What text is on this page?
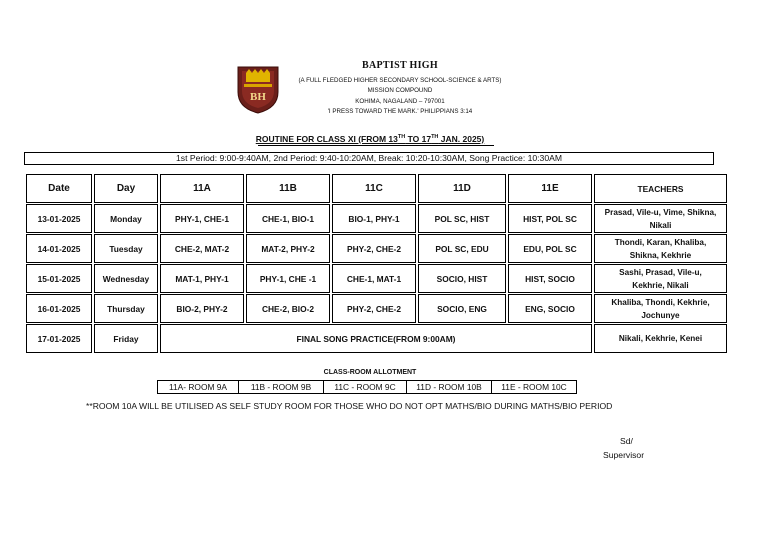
BH
BAPTIST HIGH
(A FULL FLEDGED HIGHER SECONDARY SCHOOL-SCIENCE & ARTS)
MISSION COMPOUND
KOHIMA, NAGALAND – 797001
'I PRESS TOWARD THE MARK.' PHILIPPIANS 3:14
ROUTINE FOR CLASS XI (FROM 13TH TO 17TH JAN. 2025)
1st Period: 9:00-9:40AM, 2nd Period: 9:40-10:20AM, Break: 10:20-10:30AM, Song Practice: 10:30AM
Date	Day	11A	11B	11C	11D	11E	TEACHERS
13-01-2025	Monday	PHY-1, CHE-1	CHE-1, BIO-1	BIO-1, PHY-1	POL SC, HIST	HIST, POL SC	Prasad, Vile-u, Vime, Shikna,
Nikali
14-01-2025	Tuesday	CHE-2, MAT-2	MAT-2, PHY-2	PHY-2, CHE-2	POL SC, EDU	EDU, POL SC	Thondi, Karan, Khaliba,
Shikna, Kekhrie
15-01-2025	Wednesday	MAT-1, PHY-1	PHY-1, CHE -1	CHE-1, MAT-1	SOCIO, HIST	HIST, SOCIO	Sashi, Prasad, Vile-u,
Kekhrie, Nikali
16-01-2025	Thursday	BIO-2, PHY-2	CHE-2, BIO-2	PHY-2, CHE-2	SOCIO, ENG	ENG, SOCIO	Khaliba, Thondi, Kekhrie,
Jochunye
17-01-2025	Friday	FINAL SONG PRACTICE(FROM 9:00AM)					Nikali, Kekhrie, Kenei
CLASS-ROOM ALLOTMENT
11A- ROOM 9A	11B - ROOM 9B	11C - ROOM 9C	11D - ROOM 10B	11E - ROOM 10C
**ROOM 10A WILL BE UTILISED AS SELF STUDY ROOM FOR THOSE WHO DO NOT OPT MATHS/BIO DURING MATHS/BIO PERIOD
Sd/
Supervisor
